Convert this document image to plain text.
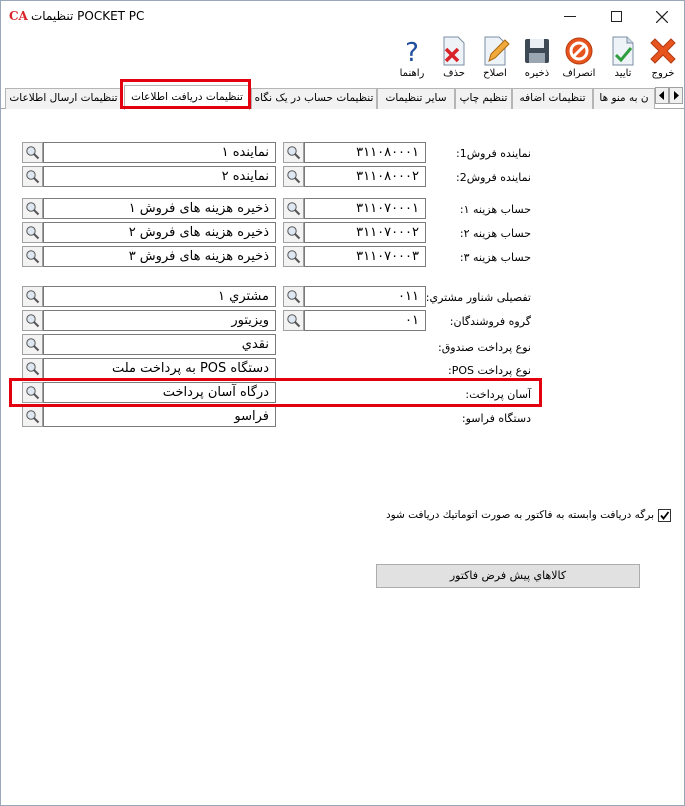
CA تنظیمات POCKET PC
خروج
تایید
انصراف
ذخیره
اصلاح
حذف
?
راهنما
ن به منو ها
تنظیمات اضافه
تنظیم چاپ
سایر تنظیمات
تنظیمات حساب در یک نگاه
تنظیمات دریافت اطلاعات
تنظیمات ارسال اطلاعات
نماینده فروش1:
۳۱۱۰۸۰۰۰۱
نماینده ۱
نماینده فروش2:
۳۱۱۰۸۰۰۰۲
نماینده ۲
حساب هزینه ۱:
۳۱۱۰۷۰۰۰۱
ذخیره هزینه های فروش ۱
حساب هزینه ۲:
۳۱۱۰۷۰۰۰۲
ذخیره هزینه های فروش ۲
حساب هزینه ۳:
۳۱۱۰۷۰۰۰۳
ذخیره هزینه های فروش ۳
تفصیلی شناور مشتري:
۰۱۱
مشتري ۱
گروه فروشندگان:
۰۱
ویزیتور
نوع پرداخت صندوق:
نقدي
نوع پرداخت POS:
دستگاه POS به پرداخت ملت
آسان پرداخت:
درگاه آسان پرداخت
دستگاه فراسو:
فراسو
برگه دریافت وابسته به فاکتور به صورت اتوماتیك دریافت شود
كالاهاي پيش فرض فاكتور
